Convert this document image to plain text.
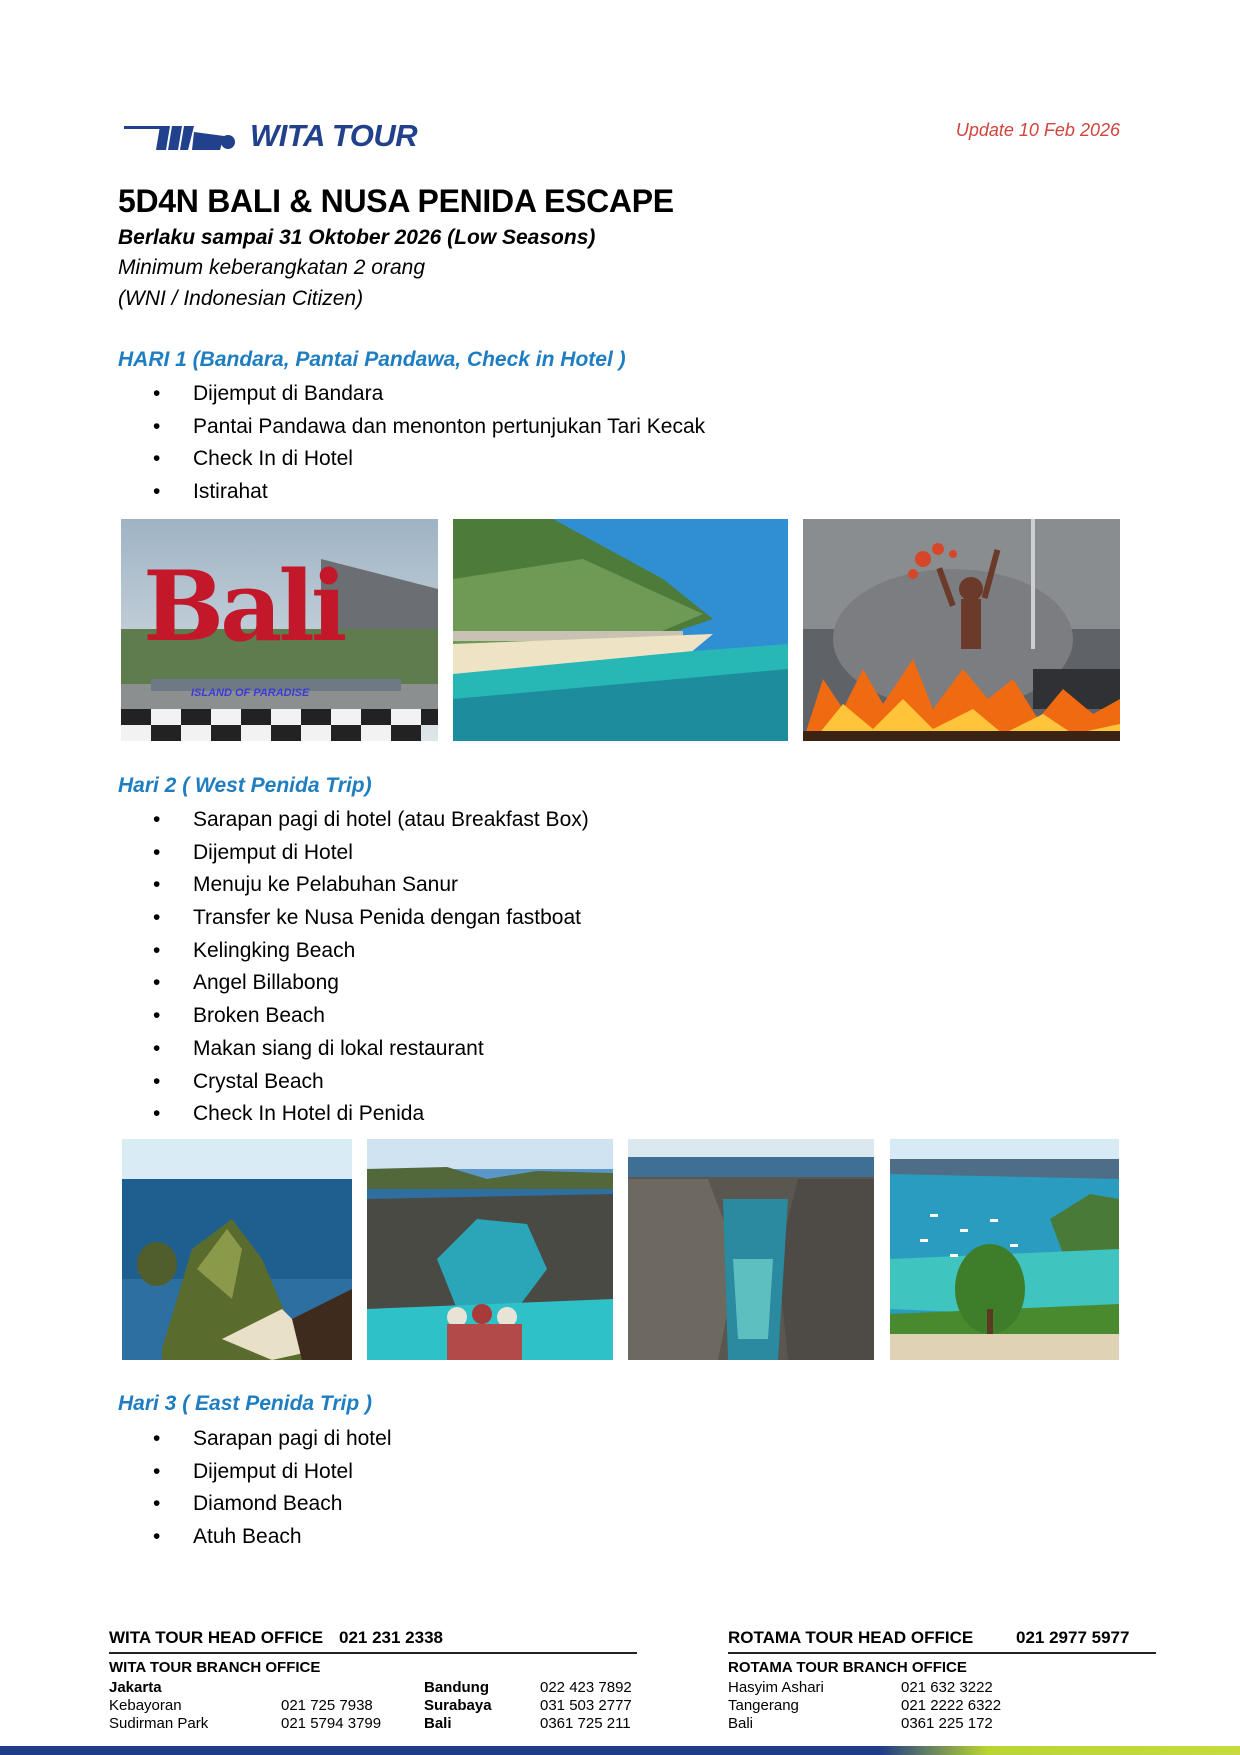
WITA TOUR	Update 10 Feb 2026
5D4N BALI & NUSA PENIDA ESCAPE
Berlaku sampai 31 Oktober 2026 (Low Seasons)
Minimum keberangkatan 2 orang
(WNI / Indonesian Citizen)
HARI 1 (Bandara, Pantai Pandawa, Check in Hotel )
• Dijemput di Bandara
• Pantai Pandawa dan menonton pertunjukan Tari Kecak
• Check In di Hotel
• Istirahat
Bali
ISLAND OF PARADISE
Hari 2 ( West Penida Trip)
• Sarapan pagi di hotel (atau Breakfast Box)
• Dijemput di Hotel
• Menuju ke Pelabuhan Sanur
• Transfer ke Nusa Penida dengan fastboat
• Kelingking Beach
• Angel Billabong
• Broken Beach
• Makan siang di lokal restaurant
• Crystal Beach
• Check In Hotel di Penida
Hari 3 ( East Penida Trip )
• Sarapan pagi di hotel
• Dijemput di Hotel
• Diamond Beach
• Atuh Beach
WITA TOUR HEAD OFFICE 021 231 2338
WITA TOUR BRANCH OFFICE
Jakarta
Kebayoran	021 725 7938
Sudirman Park	021 5794 3799
Bandung	022 423 7892
Surabaya	031 503 2777
Bali	0361 725 211
ROTAMA TOUR HEAD OFFICE	021 2977 5977
ROTAMA TOUR BRANCH OFFICE
Hasyim Ashari	021 632 3222
Tangerang	021 2222 6322
Bali	0361 225 172
